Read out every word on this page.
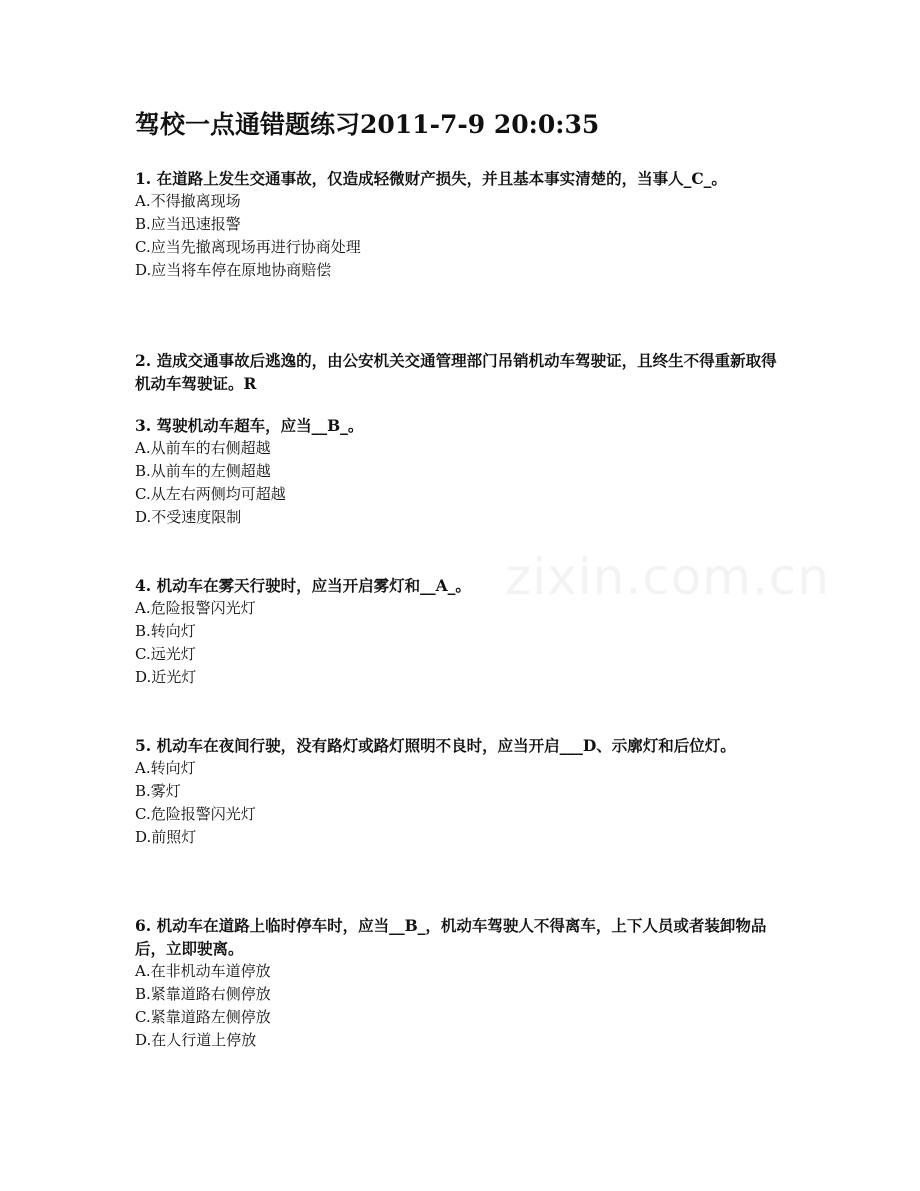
zixin.com.cn
驾校一点通错题练习2011-7-9 20:0:35

1. 在道路上发生交通事故，仅造成轻微财产损失，并且基本事实清楚的，当事人_C_。

A.不得撤离现场

B.应当迅速报警

C.应当先撤离现场再进行协商处理

D.应当将车停在原地协商赔偿

2. 造成交通事故后逃逸的，由公安机关交通管理部门吊销机动车驾驶证，且终生不得重新取得机动车驾驶证。R

3. 驾驶机动车超车，应当__B_。

A.从前车的右侧超越

B.从前车的左侧超越

C.从左右两侧均可超越

D.不受速度限制

4. 机动车在雾天行驶时，应当开启雾灯和__A_。

A.危险报警闪光灯

B.转向灯

C.远光灯

D.近光灯

5. 机动车在夜间行驶，没有路灯或路灯照明不良时，应当开启___D、示廓灯和后位灯。

A.转向灯

B.雾灯

C.危险报警闪光灯

D.前照灯

6. 机动车在道路上临时停车时，应当__B_，机动车驾驶人不得离车，上下人员或者装卸物品后，立即驶离。

A.在非机动车道停放

B.紧靠道路右侧停放

C.紧靠道路左侧停放

D.在人行道上停放
